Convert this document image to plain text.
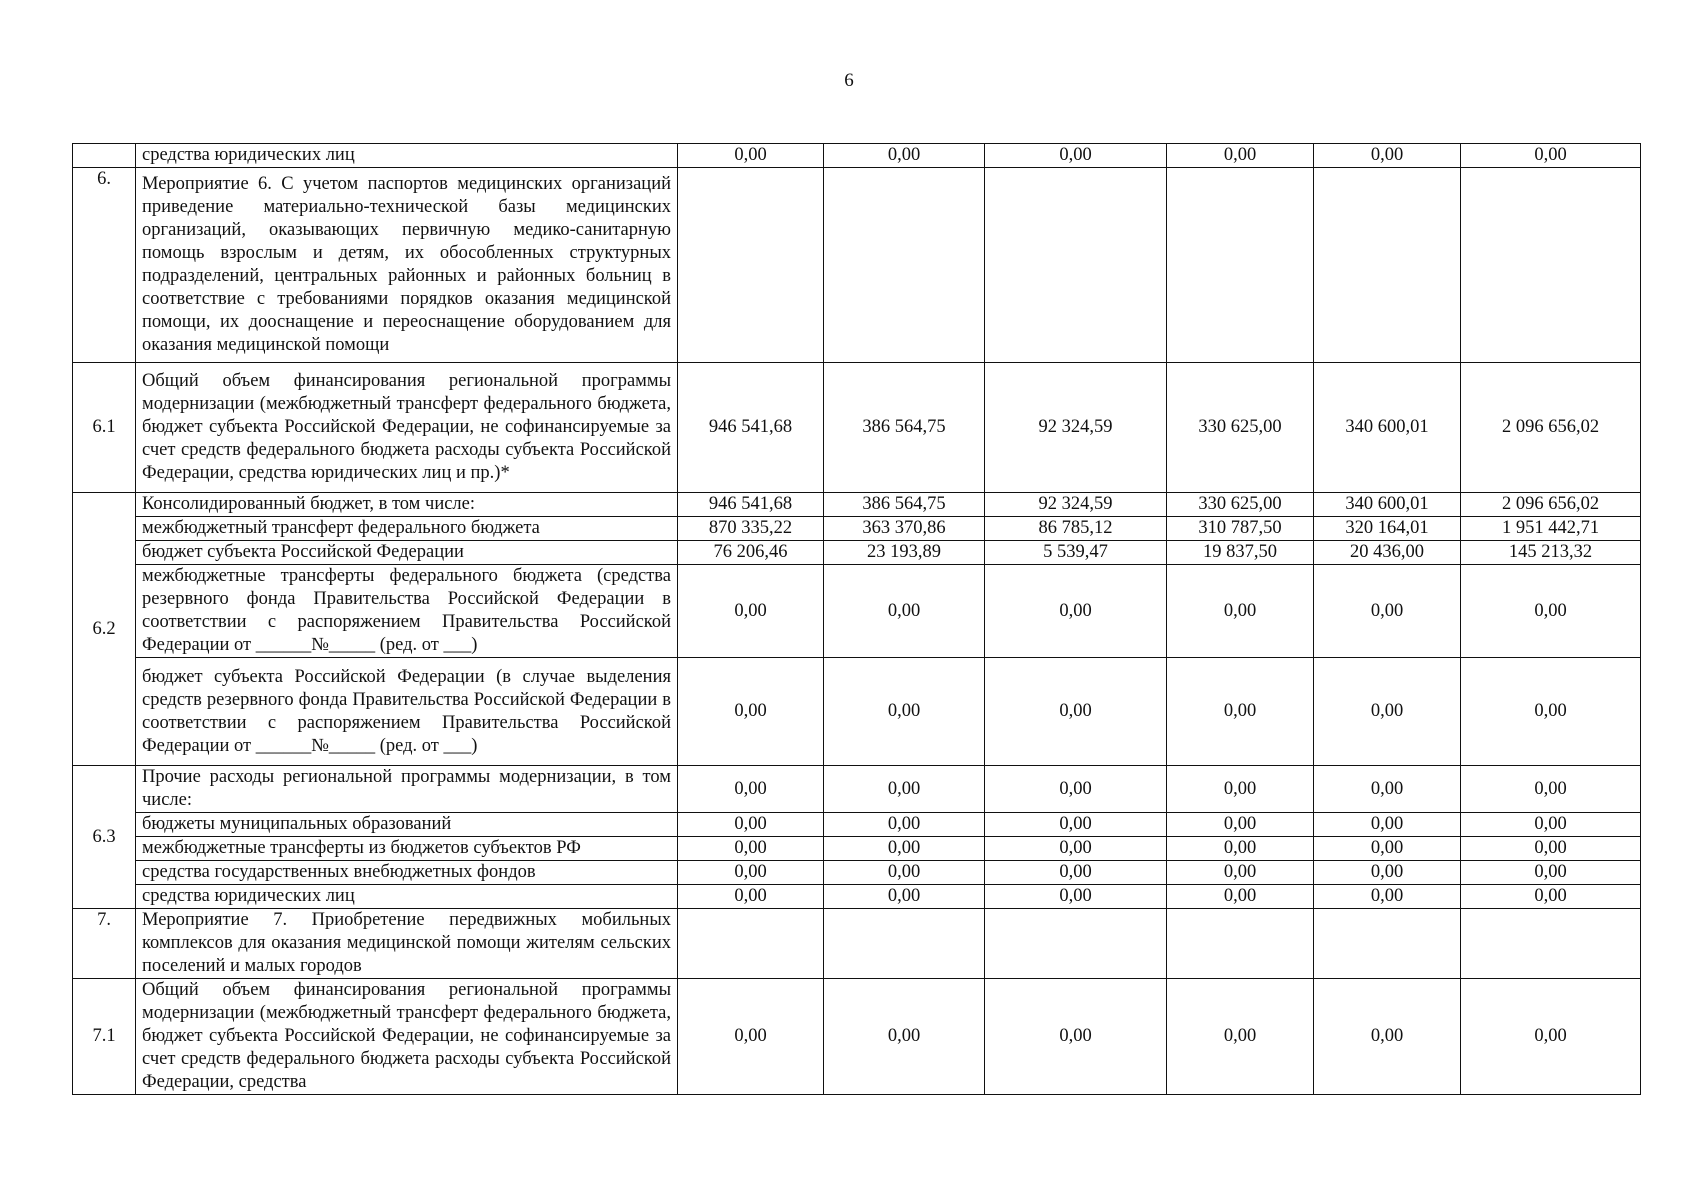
6
	средства юридических лиц	0,00	0,00	0,00	0,00	0,00	0,00
6.	Мероприятие 6. С учетом паспортов медицинских организаций приведение материально-технической базы медицинских организаций, оказывающих первичную медико-санитарную помощь взрослым и детям, их обособленных структурных подразделений, центральных районных и районных больниц в соответствие с требованиями порядков оказания медицинской помощи, их дооснащение и переоснащение оборудованием для оказания медицинской помощи						
6.1	Общий объем финансирования региональной программы модернизации (межбюджетный трансферт федерального бюджета, бюджет субъекта Российской Федерации, не софинансируемые за счет средств федерального бюджета расходы субъекта Российской Федерации, средства юридических лиц и пр.)*	946 541,68	386 564,75	92 324,59	330 625,00	340 600,01	2 096 656,02
6.2	Консолидированный бюджет, в том числе:	946 541,68	386 564,75	92 324,59	330 625,00	340 600,01	2 096 656,02
	межбюджетный трансферт федерального бюджета	870 335,22	363 370,86	86 785,12	310 787,50	320 164,01	1 951 442,71
	бюджет субъекта Российской Федерации	76 206,46	23 193,89	5 539,47	19 837,50	20 436,00	145 213,32
	межбюджетные трансферты федерального бюджета (средства резервного фонда Правительства Российской Федерации в соответствии с распоряжением Правительства Российской Федерации от ______№_____ (ред. от ___)	0,00	0,00	0,00	0,00	0,00	0,00
	бюджет субъекта Российской Федерации (в случае выделения средств резервного фонда Правительства Российской Федерации в соответствии с распоряжением Правительства Российской Федерации от ______№_____ (ред. от ___)	0,00	0,00	0,00	0,00	0,00	0,00
6.3	Прочие расходы региональной программы модернизации, в том числе:	0,00	0,00	0,00	0,00	0,00	0,00
	бюджеты муниципальных образований	0,00	0,00	0,00	0,00	0,00	0,00
	межбюджетные трансферты из бюджетов субъектов РФ	0,00	0,00	0,00	0,00	0,00	0,00
	средства государственных внебюджетных фондов	0,00	0,00	0,00	0,00	0,00	0,00
	средства юридических лиц	0,00	0,00	0,00	0,00	0,00	0,00
7.	Мероприятие 7. Приобретение передвижных мобильных комплексов для оказания медицинской помощи жителям сельских поселений и малых городов						
7.1	Общий объем финансирования региональной программы модернизации (межбюджетный трансферт федерального бюджета, бюджет субъекта Российской Федерации, не софинансируемые за счет средств федерального бюджета расходы субъекта Российской Федерации, средства	0,00	0,00	0,00	0,00	0,00	0,00
